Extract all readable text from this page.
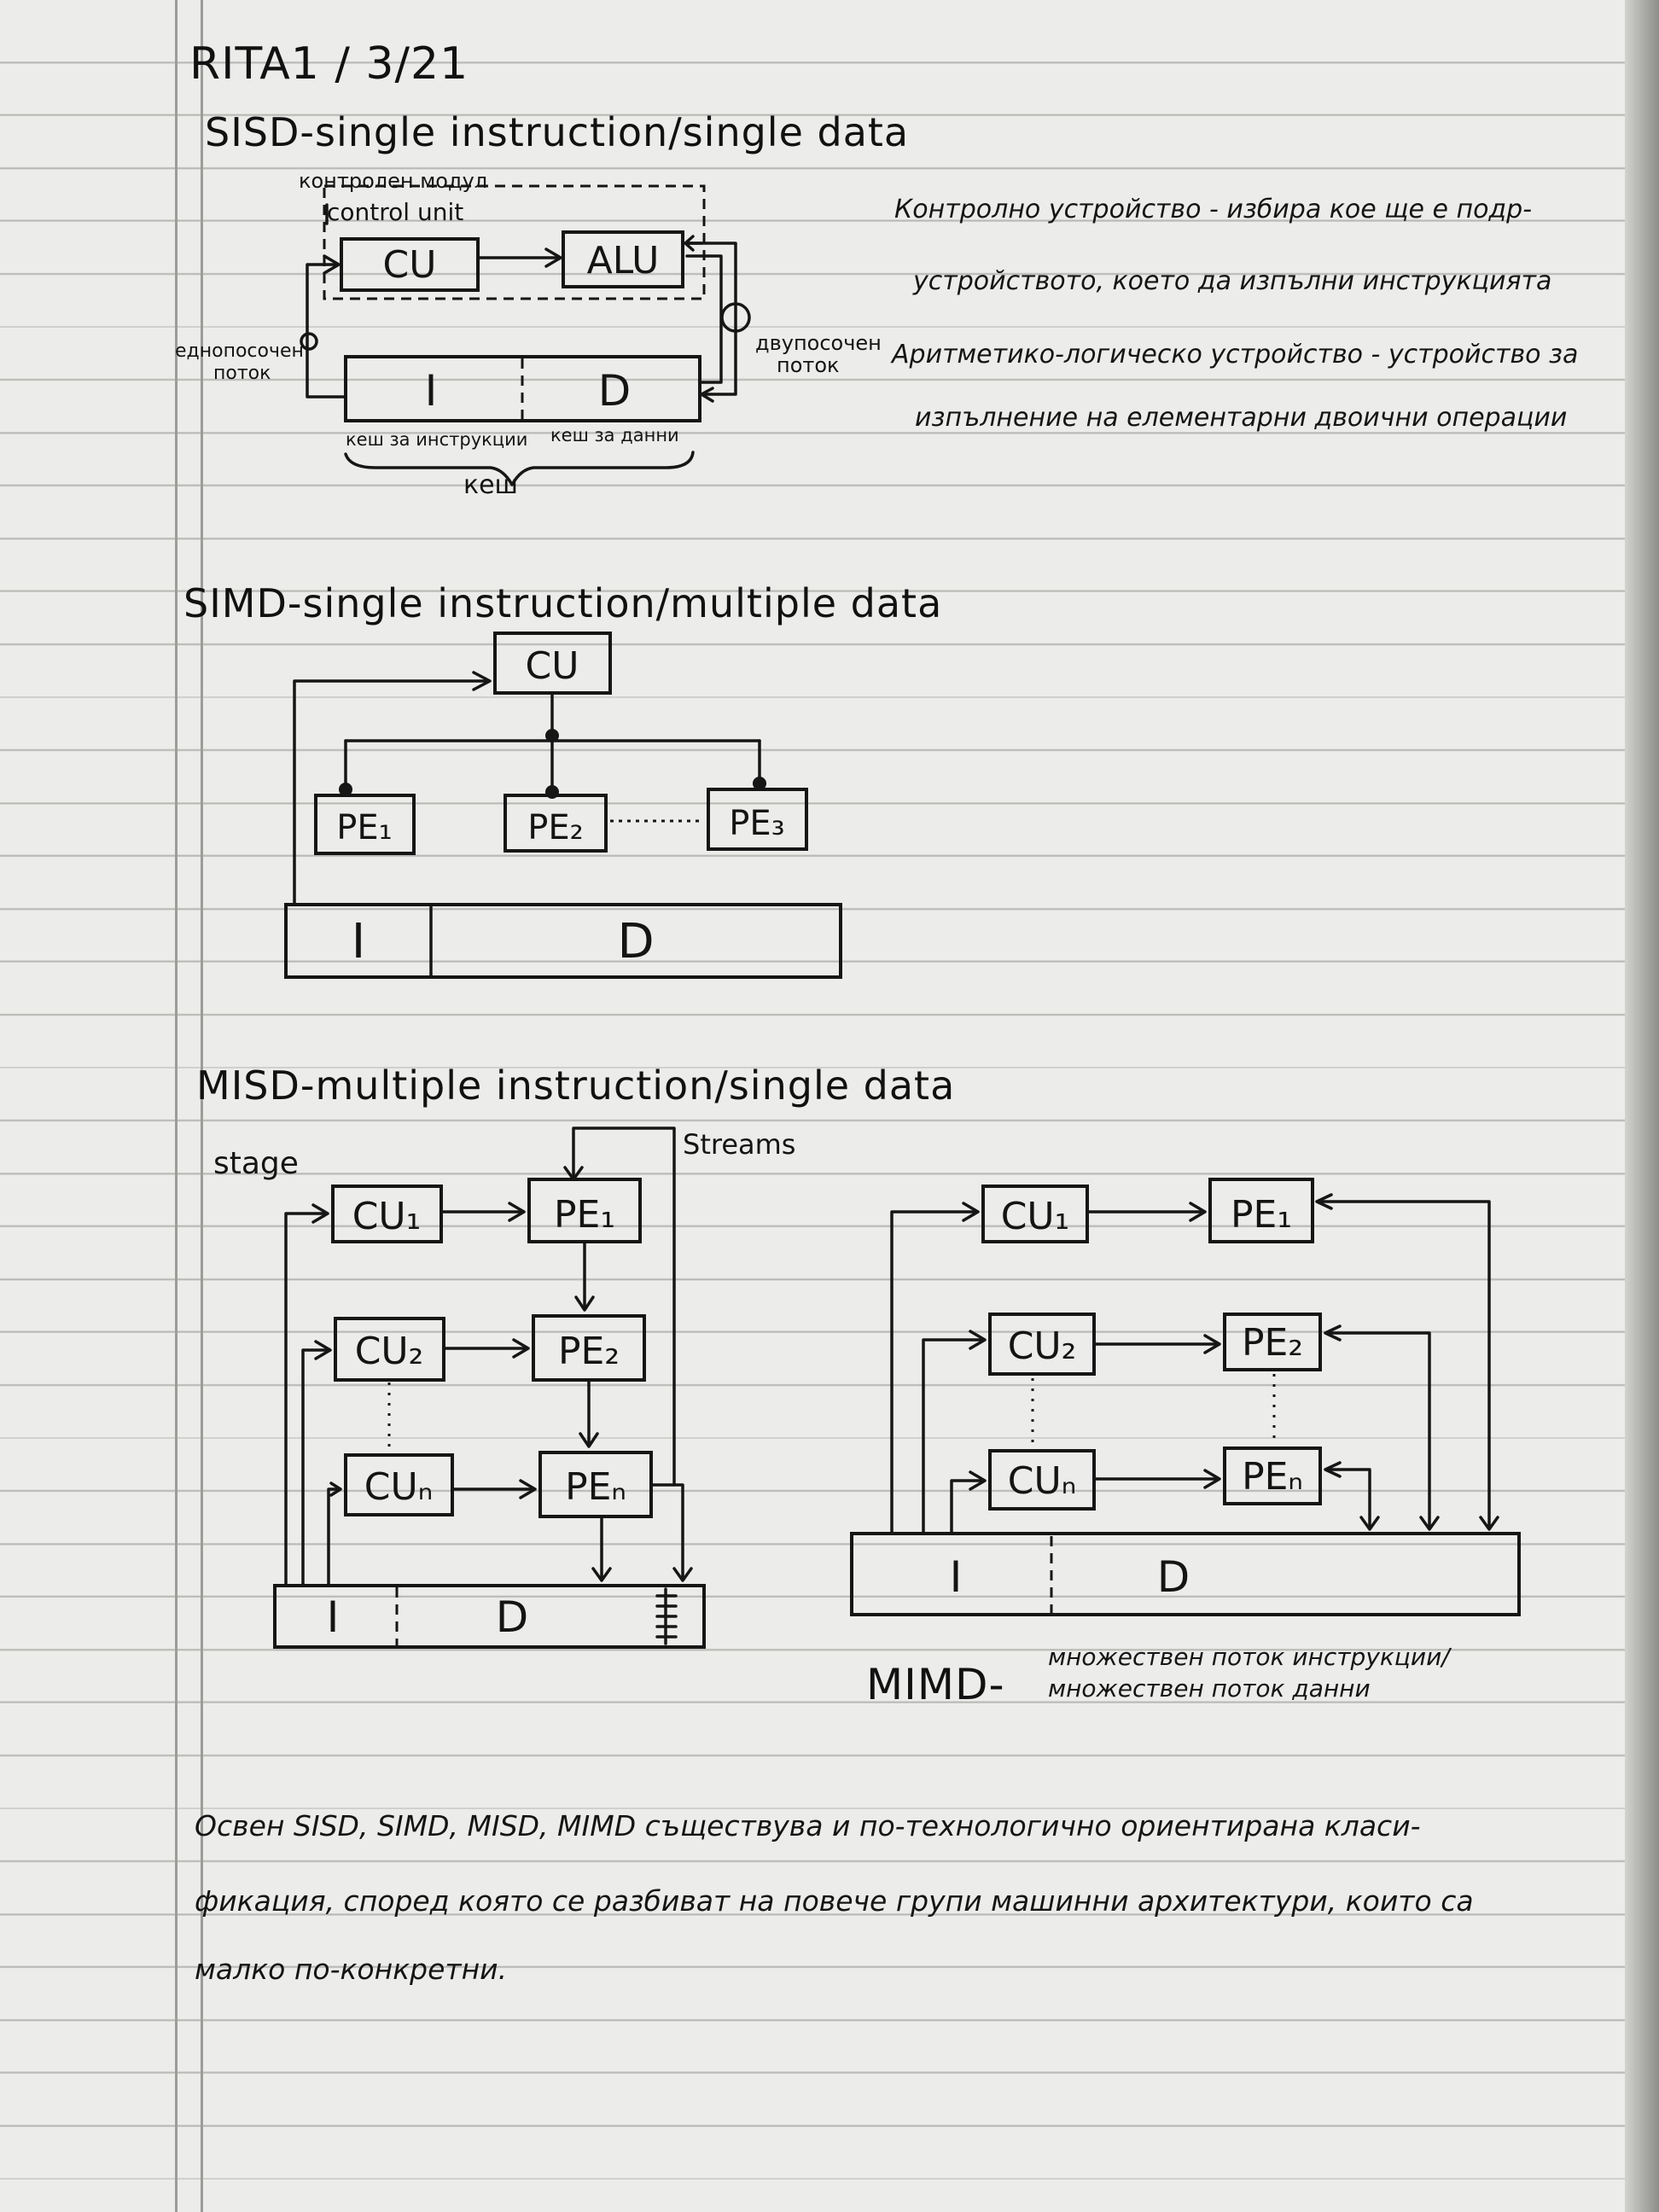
RITA1 / 3/21
SISD-single instruction/single data
контролен модул
control unit
CU	ALU
I	D
еднопосочен поток
двупосочен поток
кеш за инструкции кеш за данни
кеш
CU
PE₁	PE₂	PE₃
I	D
stage
Streams
CU₁	PE₁
CU₂	PE₂
CUₙ	PEₙ
I	D
CU₁	PE₁
CU₂	PE₂
CUₙ	PEₙ
I	D
Контролно устройство - избира коe ще е подр-
устройството, което да изпълни инструкцията
Аритметико-логическо устройство - устройство за
изпълнение на елементарни двоични операции
SIMD-single instruction/multiple data
MISD-multiple instruction/single data
MIMD-
множествен поток инструкции/
множествен поток данни
Освен SISD, SIMD, MISD, MIMD съществува и по-технологично ориентирана класи-
фикация, според която се разбиват на повече групи машинни архитектури, които са
малко по-конкретни.
